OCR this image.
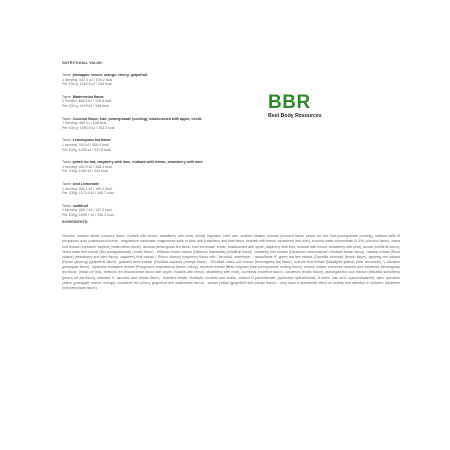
NUTRITIONAL VALUE:
Taste: pineapple, lemon, orange, cherry, grapefruit
1 Serving: 447.1 kJ / 105.2 kcal
Per 100 g: 1419.4 kJ / 334 kcal
Taste: Watermelon flavor
1 Portion: 465.6 kJ / 109.6 kcal
Per 100 g: 1479 kJ / 348 kcal
Taste: Coconut flavor, kiwi, pomegranate (cooling), blackcurrant with apple, exotic
1 Serving: 455 kJ / 108 kcal
Per 100 g: 1450.6 kJ / 343.2 kcal
Taste: Lemongrass tea flavor
1 serving: 452 kJ / 106.4 kcal
Per 100g: 1435 kJ / 337.6 kcal
Taste: peach ice tea, raspberry with lime, rhubarb with lemon, strawberry with mint
1 serving: 460.5 kJ / 108.4 kcal
Per 100g: 1462 kJ / 344 kcal
Taste: Iced Lemonade
1 serving: 464.1 kJ / 109.2 kcal
Per 100g: 1473.4 kJ / 346.7 kcal
Taste: multifruit
1 serving: 455.7 kJ / 107.2 kcal
Per 100g: 1446.7 kJ / 340.4 kcal
INGREDIENTS:
Glucose, sodium citrate (coconut flavor, rhubarb with lemon, strawberry with mint), acidity regulator: citric acid, sodium citrates, aromas (coconut flavor, peach ice tea, kiwi-pomegranate (cooling), calcium salts of phosphoric acid, potassium chloride , magnesium carbonate, magnesium salts of citric acid (raspberry and lime flavor, rhubarb with lemon, strawberry and mint), coconut water concentrate (0.3%) (coconut flavor), maca root extract (Lepidium meyenii) (watermelon flavor), aromas (lemongrass tea flavor, Iced lemonade, exotic, blackcurrant with apple, raspberry with lime, rhubarb with lemon, strawberry with mint), aroma (multifruit flavor), Yerba mate leaf extract (Ilex paraguariensis) (exotic flavor) , Hibiscus flower extract (Hibiscus Sabdariffa) (multifruit flavor), cranberry fruit extract (Vaccinium macrocarpon) (rhubarb lemon flavor), rosehip extract (Rosa canina) (strawberry and mint flavor), raspberry fruit extract ( Rubus Idaeus) (raspberry flavor with l limonka), sweetener – acesulfame K, green tea leaf extract (Camellia sinensis) (lemon flavor), ginseng root extract (Panax ginseng) (grapefruit flavor), guarana seed extract (Paullinia cupana) (orange flavor) , Rhodiola rosea root extract (lemongrass tea flavor), acerola fruit extract (Malpighia glabra) (iced lemonade), L-carnitine (pineapple flavor), Japanese knotweed extract (Polygonum cuspidatum) (flavor cherry), beetroot extract (Beta vulgaris) (kiwi-pomegranate cooling flavor), aroma, colors: ammonia caramel and carotenes (lemongrass tea flavor, peach ice tea), beetroot red (blackcurrant flavor with apple, rhubarb with lemon, strawberry with mint), cochineal (multifruit flavor), carotenes (exotic flavor), ashwagandha root extract (Withania somnifera) (peach ice tea flavor), vitamins: E, ascorbic acid (exotic flavor) , thiamine nitrate, riboflavin, nicotinic acid amide, calcium D-pantothenate, pyridoxine hydrochloride, D-biotin, folic acid, cyanocobalamin), dyes: quinoline yellow (pineapple, lemon, orange), cochineal red (cherry, grapefruit and watermelon flavor) , sunset yellow (grapefruit and orange flavor) – may have a detrimental effect on activity and attention in children, disulfan/e (iced lemonade flavor).
BBR
Best Body Resources
